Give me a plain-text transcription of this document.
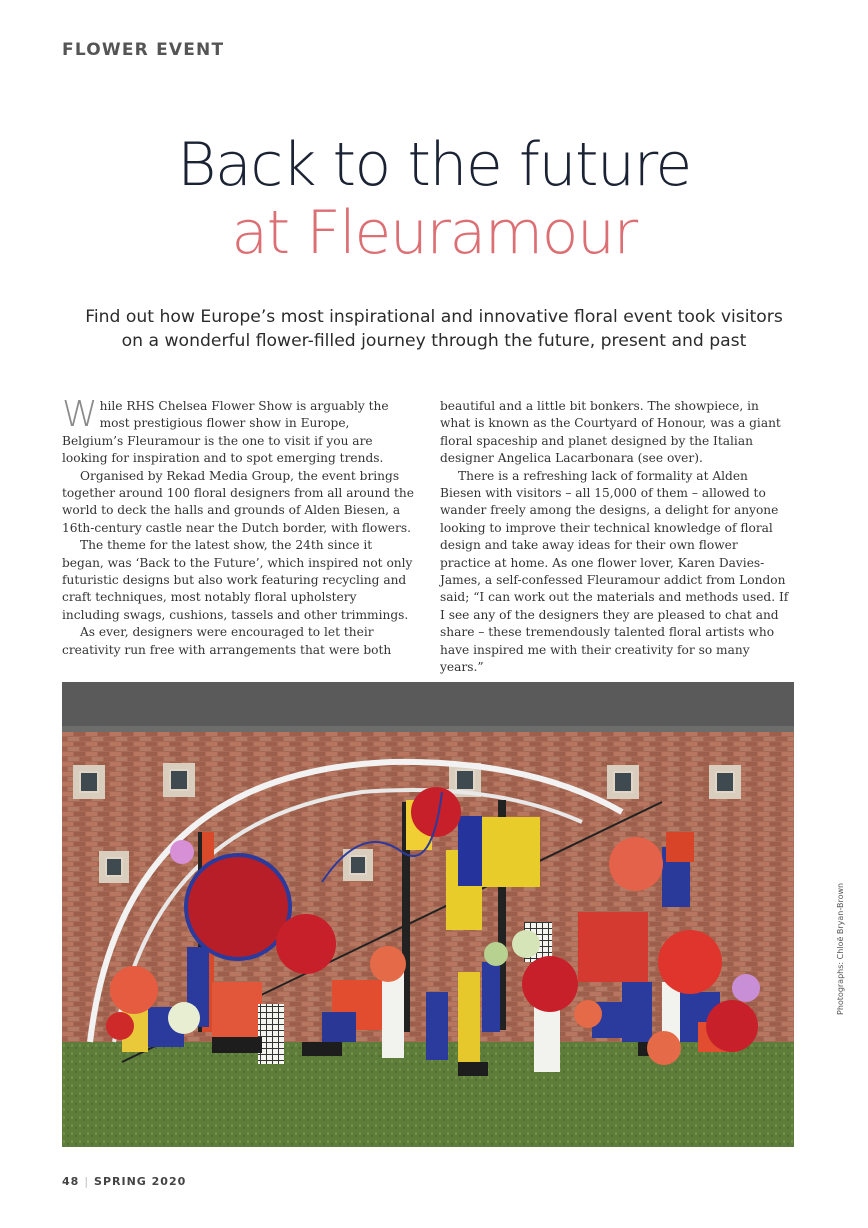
FLOWER EVENT
Back to the future
at Fleuramour
Find out how Europe’s most inspirational and innovative floral event took visitors
on a wonderful flower-filled journey through the future, present and past

While RHS Chelsea Flower Show is arguably the most prestigious flower show in Europe, Belgium’s Fleuramour is the one to visit if you are looking for inspiration and to spot emerging trends.

Organised by Rekad Media Group, the event brings together around 100 floral designers from all around the world to deck the halls and grounds of Alden Biesen, a 16th-century castle near the Dutch border, with flowers.

The theme for the latest show, the 24th since it began, was ‘Back to the Future’, which inspired not only futuristic designs but also work featuring recycling and craft techniques, most notably floral upholstery including swags, cushions, tassels and other trimmings.

As ever, designers were encouraged to let their creativity run free with arrangements that were both

beautiful and a little bit bonkers. The showpiece, in what is known as the Courtyard of Honour, was a giant floral spaceship and planet designed by the Italian designer Angelica Lacarbonara (see over).

There is a refreshing lack of formality at Alden Biesen with visitors – all 15,000 of them – allowed to wander freely among the designs, a delight for anyone looking to improve their technical knowledge of floral design and take away ideas for their own flower practice at home. As one flower lover, Karen Davies-James, a self-confessed Fleuramour addict from London said; “I can work out the materials and methods used. If I see any of the designers they are pleased to chat and share – these tremendously talented floral artists who have inspired me with their creativity for so many years.”

Photographs: Chloë Bryan-Brown
48 | SPRING 2020
